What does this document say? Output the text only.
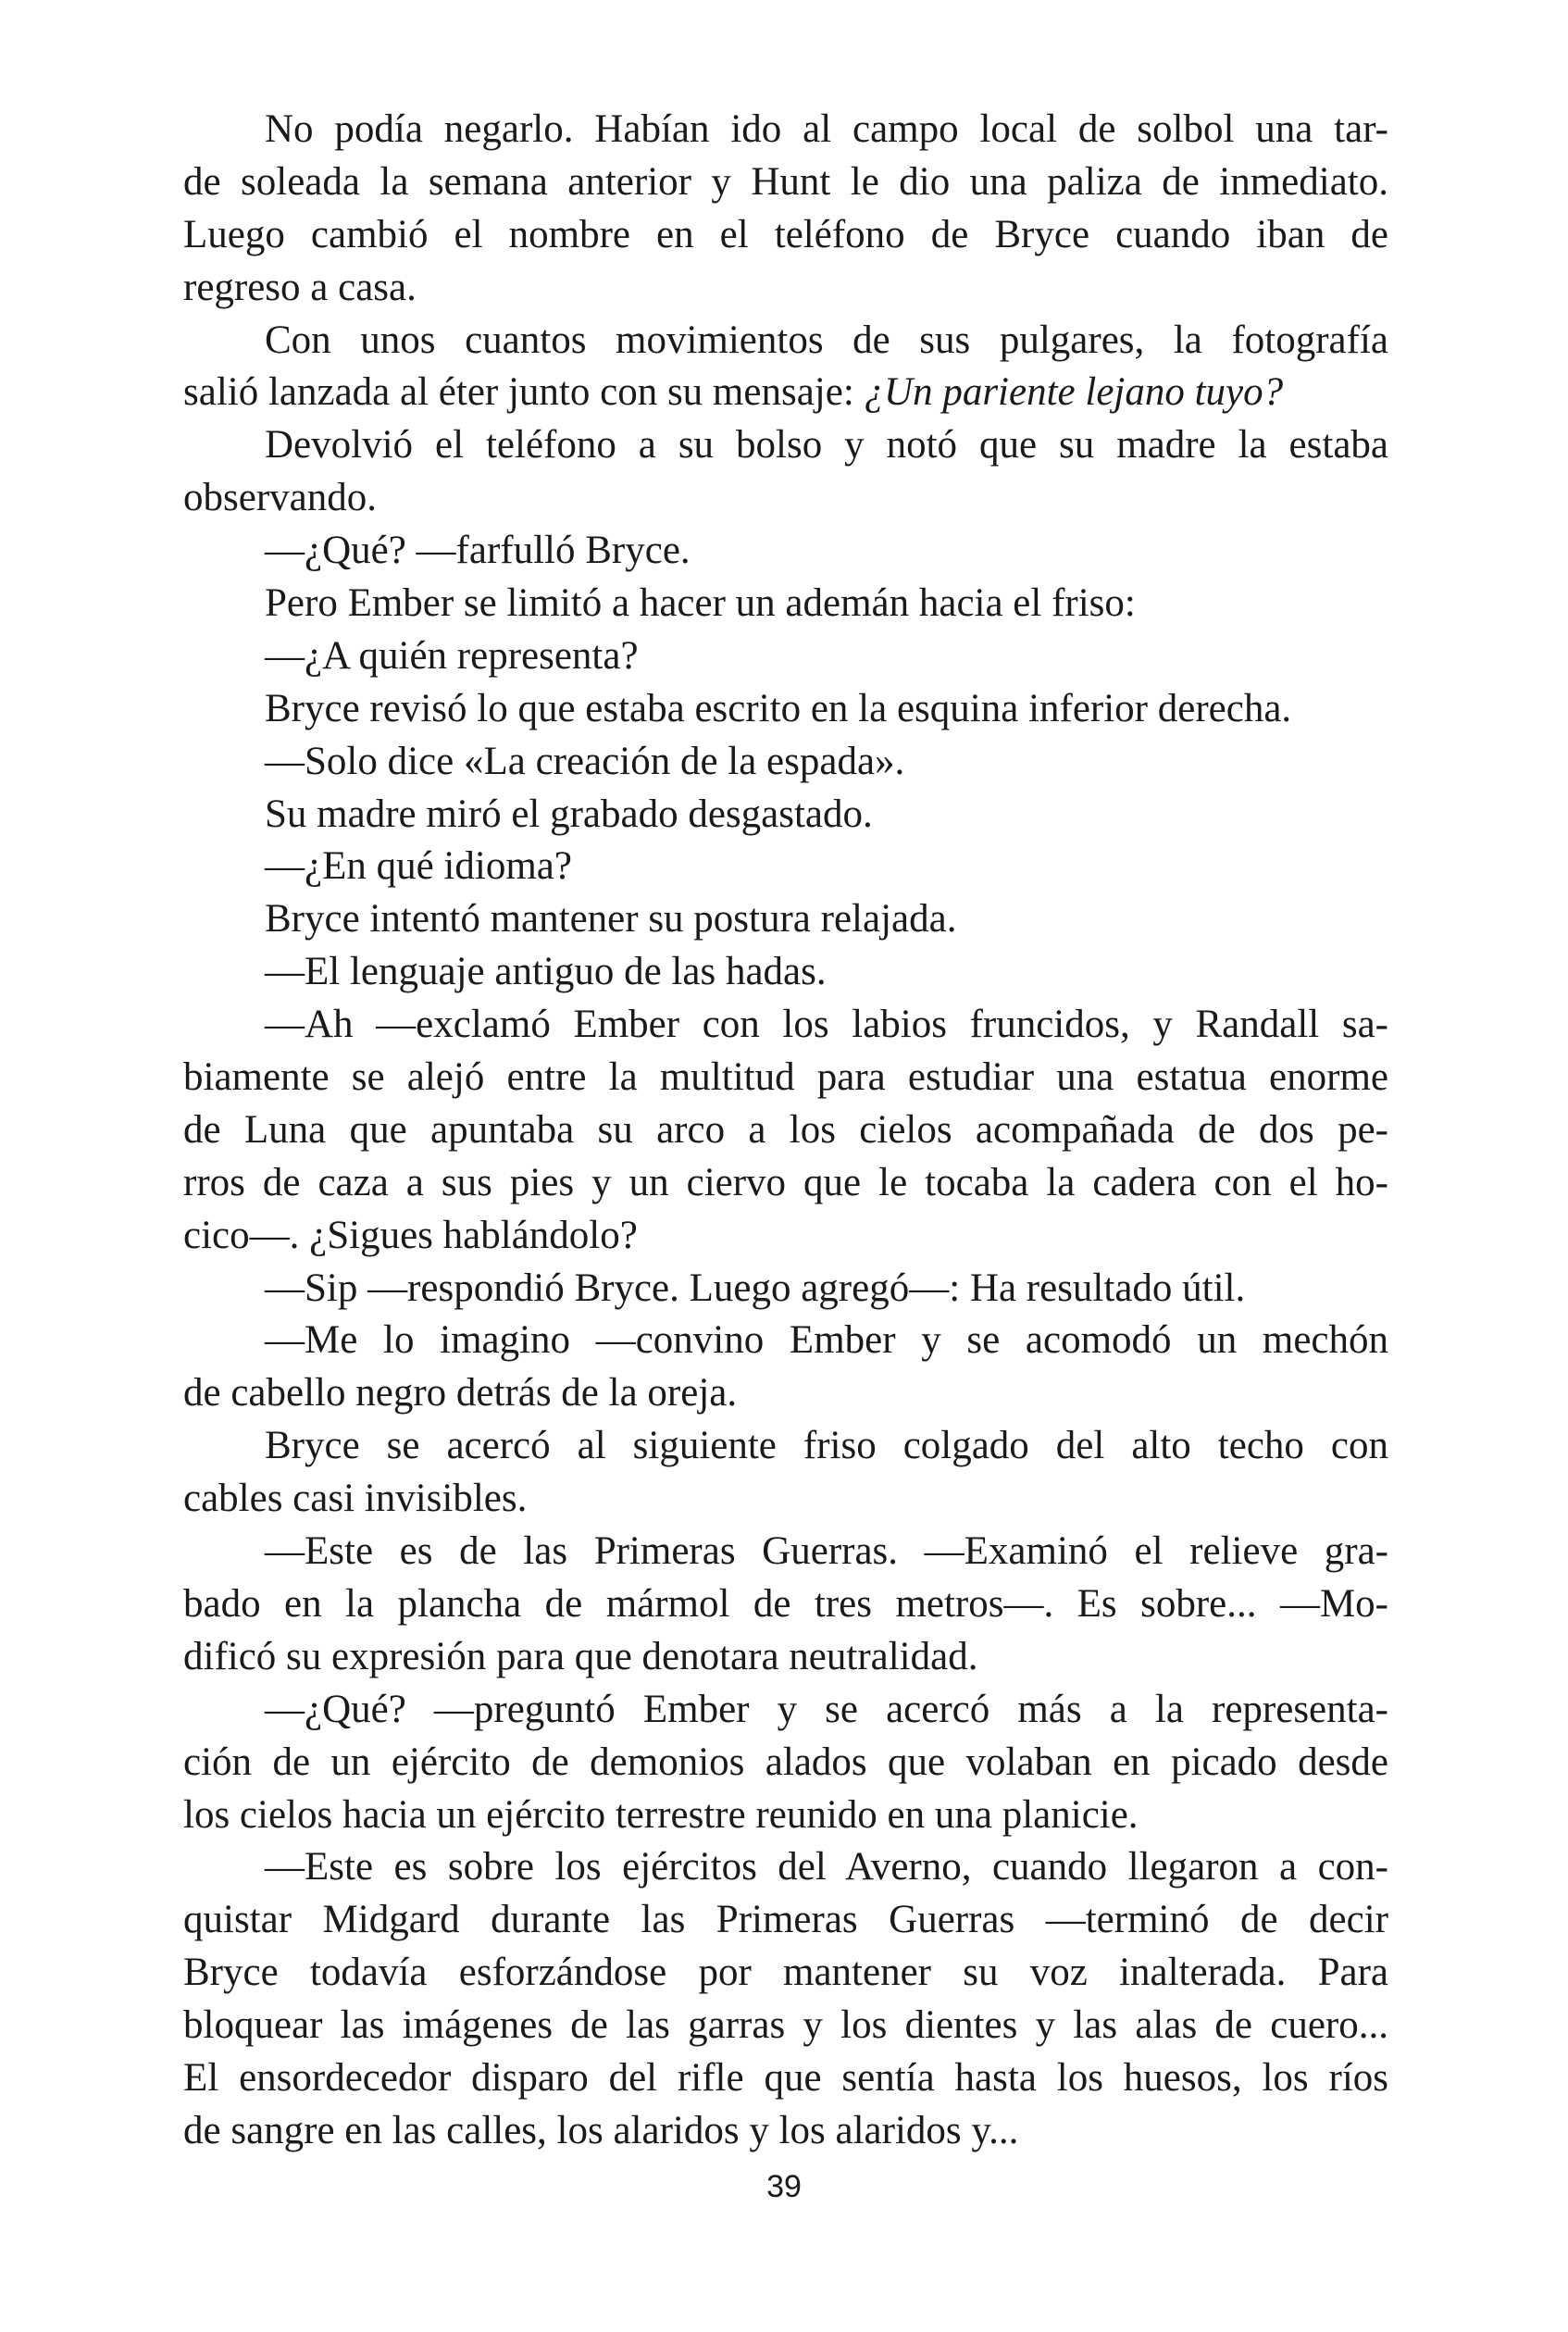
No podía negarlo. Habían ido al campo local de solbol una tar-
de soleada la semana anterior y Hunt le dio una paliza de inmediato.
Luego cambió el nombre en el teléfono de Bryce cuando iban de
regreso a casa.
Con unos cuantos movimientos de sus pulgares, la fotografía
salió lanzada al éter junto con su mensaje: ¿Un pariente lejano tuyo?
Devolvió el teléfono a su bolso y notó que su madre la estaba
observando.
—¿Qué? —farfulló Bryce.
Pero Ember se limitó a hacer un ademán hacia el friso:
—¿A quién representa?
Bryce revisó lo que estaba escrito en la esquina inferior derecha.
—Solo dice «La creación de la espada».
Su madre miró el grabado desgastado.
—¿En qué idioma?
Bryce intentó mantener su postura relajada.
—El lenguaje antiguo de las hadas.
—Ah —exclamó Ember con los labios fruncidos, y Randall sa-
biamente se alejó entre la multitud para estudiar una estatua enorme
de Luna que apuntaba su arco a los cielos acompañada de dos pe-
rros de caza a sus pies y un ciervo que le tocaba la cadera con el ho-
cico—. ¿Sigues hablándolo?
—Sip —respondió Bryce. Luego agregó—: Ha resultado útil.
—Me lo imagino —convino Ember y se acomodó un mechón
de cabello negro detrás de la oreja.
Bryce se acercó al siguiente friso colgado del alto techo con
cables casi invisibles.
—Este es de las Primeras Guerras. —Examinó el relieve gra-
bado en la plancha de mármol de tres metros—. Es sobre... —Mo-
dificó su expresión para que denotara neutralidad.
—¿Qué? —preguntó Ember y se acercó más a la representa-
ción de un ejército de demonios alados que volaban en picado desde
los cielos hacia un ejército terrestre reunido en una planicie.
—Este es sobre los ejércitos del Averno, cuando llegaron a con-
quistar Midgard durante las Primeras Guerras —terminó de decir
Bryce todavía esforzándose por mantener su voz inalterada. Para
bloquear las imágenes de las garras y los dientes y las alas de cuero...
El ensordecedor disparo del rifle que sentía hasta los huesos, los ríos
de sangre en las calles, los alaridos y los alaridos y...
39
